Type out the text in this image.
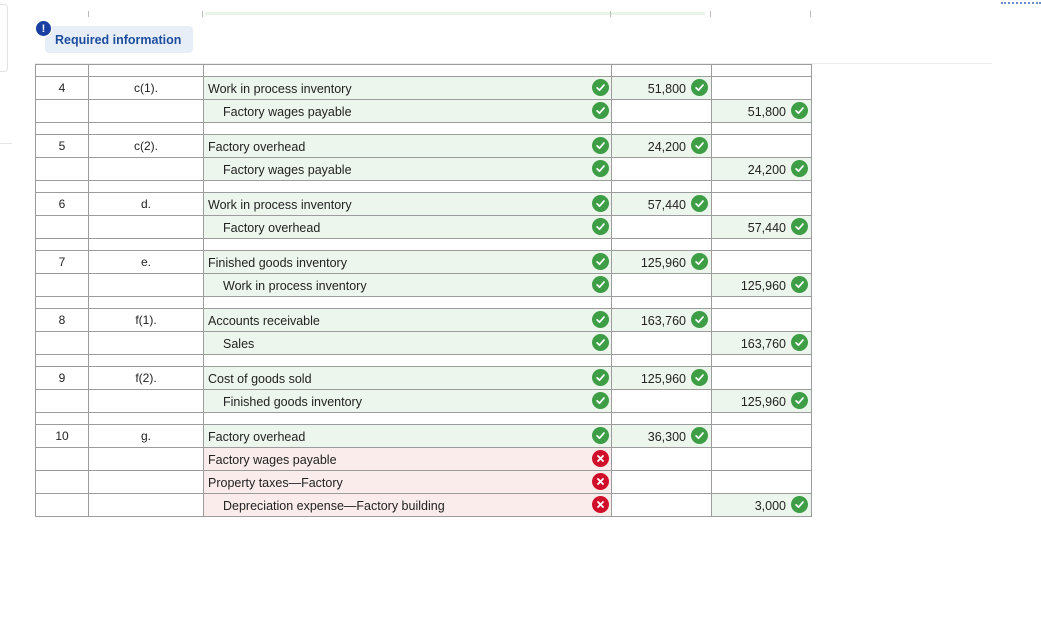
Required information
!

4	c(1).	Work in process inventory	51,800	

		Factory wages payable		51,800

5	c(2).	Factory overhead	24,200	

		Factory wages payable		24,200

6	d.	Work in process inventory	57,440	

		Factory overhead		57,440

7	e.	Finished goods inventory	125,960	

		Work in process inventory		125,960

8	f(1).	Accounts receivable	163,760	

		Sales		163,760

9	f(2).	Cost of goods sold	125,960	

		Finished goods inventory		125,960

10	g.	Factory overhead	36,300	

		Factory wages payable		

		Property taxes—Factory		

		Depreciation expense—Factory building		3,000
